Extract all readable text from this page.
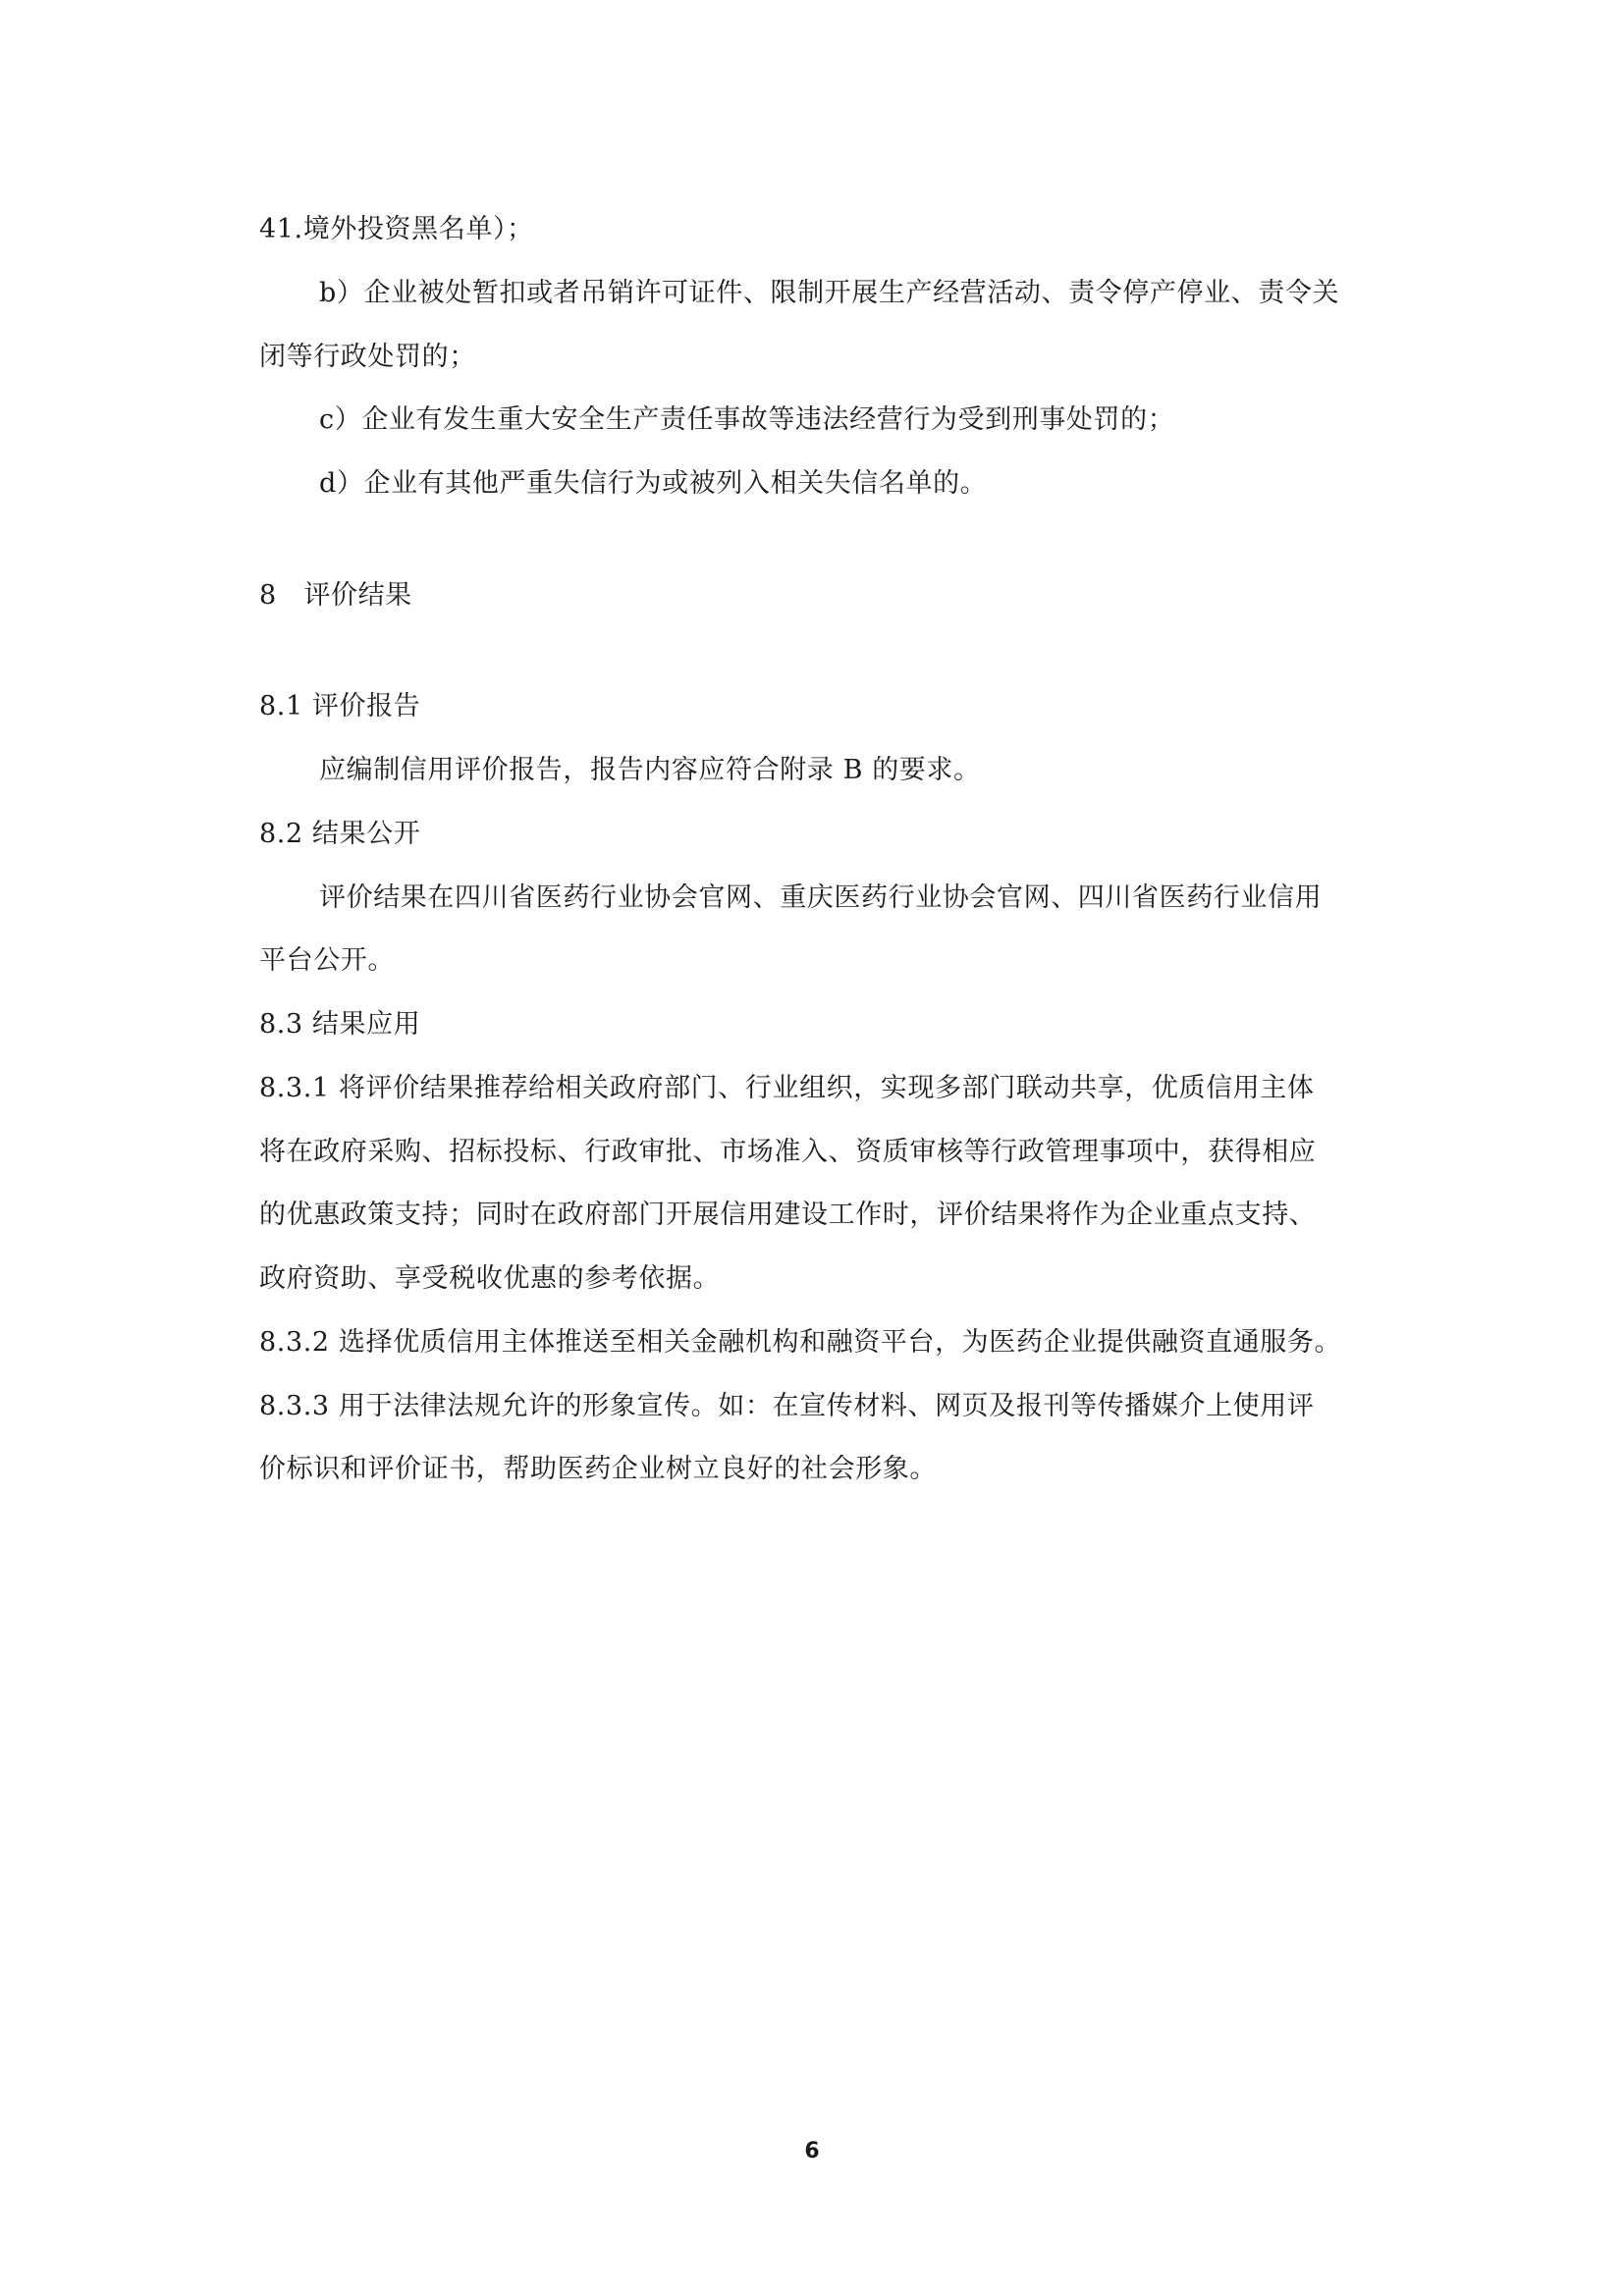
41.境外投资黑名单）；
b）企业被处暂扣或者吊销许可证件、限制开展生产经营活动、责令停产停业、责令关
闭等行政处罚的；
c）企业有发生重大安全生产责任事故等违法经营行为受到刑事处罚的；
d）企业有其他严重失信行为或被列入相关失信名单的。
8　评价结果
8.1 评价报告
应编制信用评价报告，报告内容应符合附录 B 的要求。
8.2 结果公开
评价结果在四川省医药行业协会官网、重庆医药行业协会官网、四川省医药行业信用
平台公开。
8.3 结果应用
8.3.1 将评价结果推荐给相关政府部门、行业组织，实现多部门联动共享，优质信用主体
将在政府采购、招标投标、行政审批、市场准入、资质审核等行政管理事项中，获得相应
的优惠政策支持；同时在政府部门开展信用建设工作时，评价结果将作为企业重点支持、
政府资助、享受税收优惠的参考依据。
8.3.2 选择优质信用主体推送至相关金融机构和融资平台，为医药企业提供融资直通服务。
8.3.3 用于法律法规允许的形象宣传。如：在宣传材料、网页及报刊等传播媒介上使用评
价标识和评价证书，帮助医药企业树立良好的社会形象。
6
